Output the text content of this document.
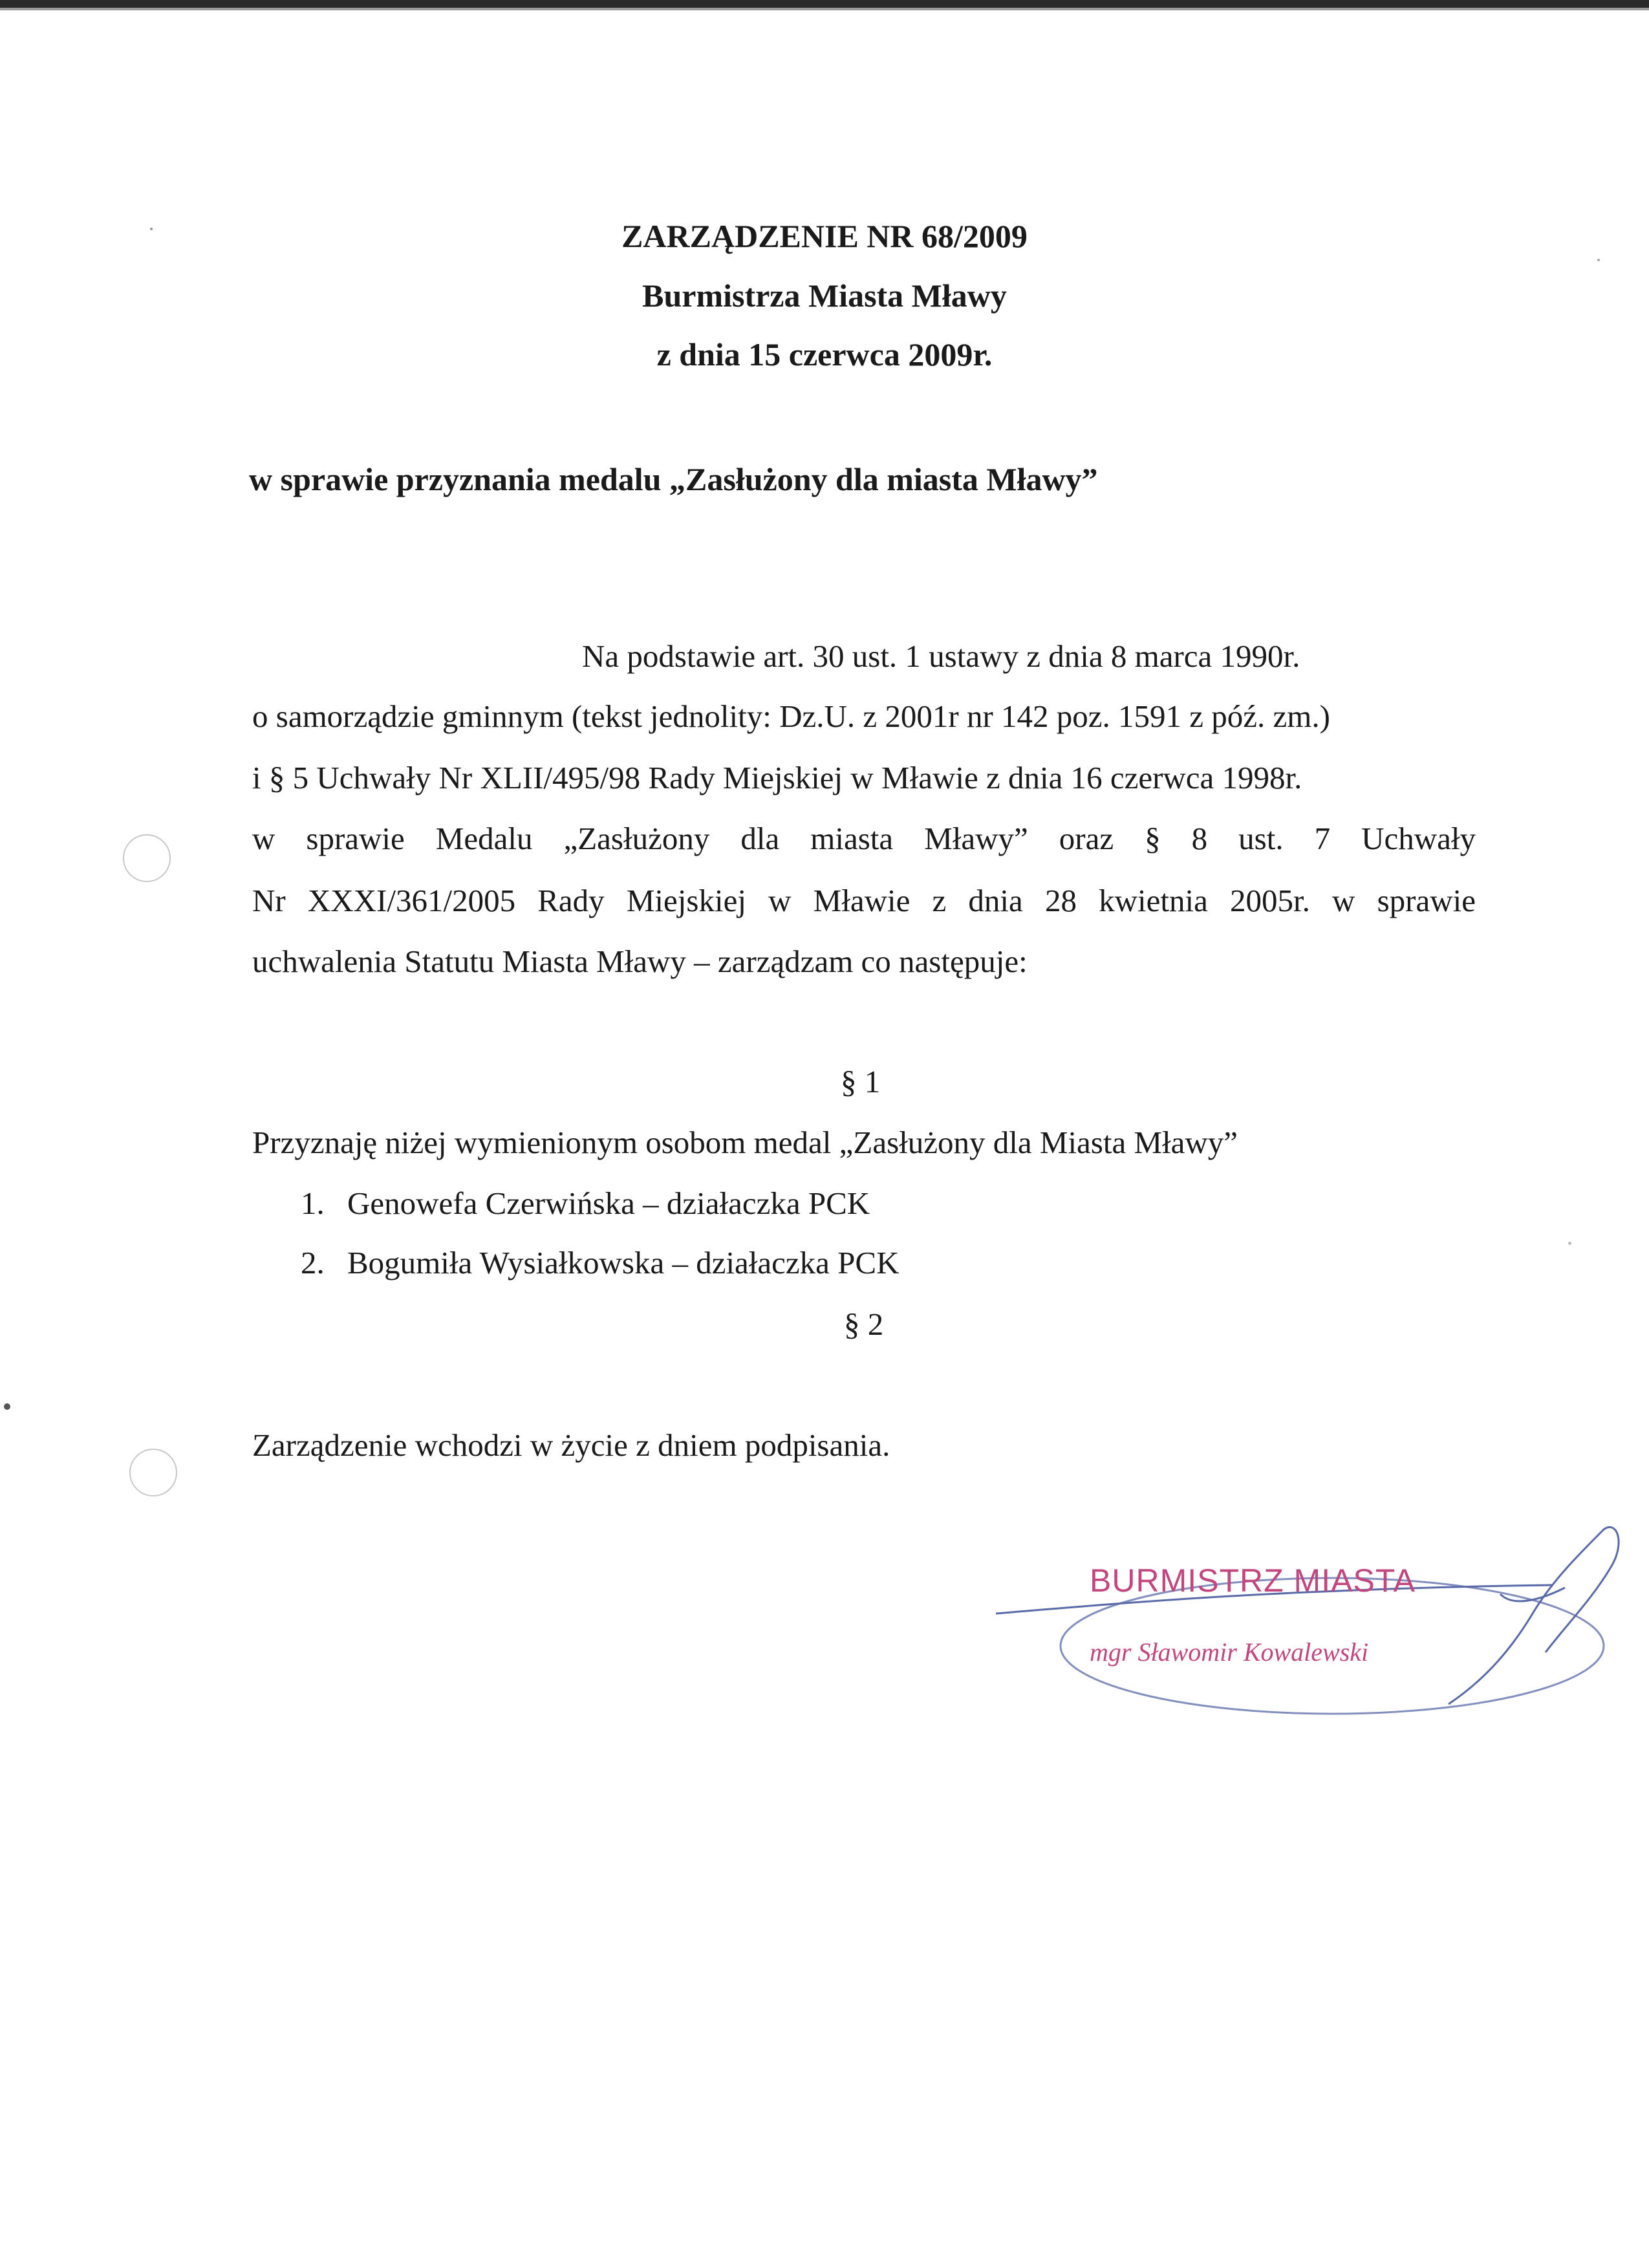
ZARZĄDZENIE NR 68/2009
Burmistrza Miasta Mławy
z dnia 15 czerwca 2009r.
w sprawie przyznania medalu „Zasłużony dla miasta Mławy”
Na podstawie art. 30 ust. 1 ustawy z dnia 8 marca 1990r.
o samorządzie gminnym (tekst jednolity: Dz.U. z 2001r nr 142 poz. 1591 z póź. zm.)
i § 5 Uchwały Nr XLII/495/98 Rady Miejskiej w Mławie z dnia 16 czerwca 1998r.
w sprawie Medalu „Zasłużony dla miasta Mławy” oraz § 8 ust. 7 Uchwały
Nr XXXI/361/2005 Rady Miejskiej w Mławie z dnia 28 kwietnia 2005r. w sprawie
uchwalenia Statutu Miasta Mławy – zarządzam co następuje:
§ 1
Przyznaję niżej wymienionym osobom medal „Zasłużony dla Miasta Mławy”
1. Genowefa Czerwińska – działaczka PCK
2. Bogumiła Wysiałkowska – działaczka PCK
§ 2
Zarządzenie wchodzi w życie z dniem podpisania.
BURMISTRZ MIASTA
mgr Sławomir Kowalewski
